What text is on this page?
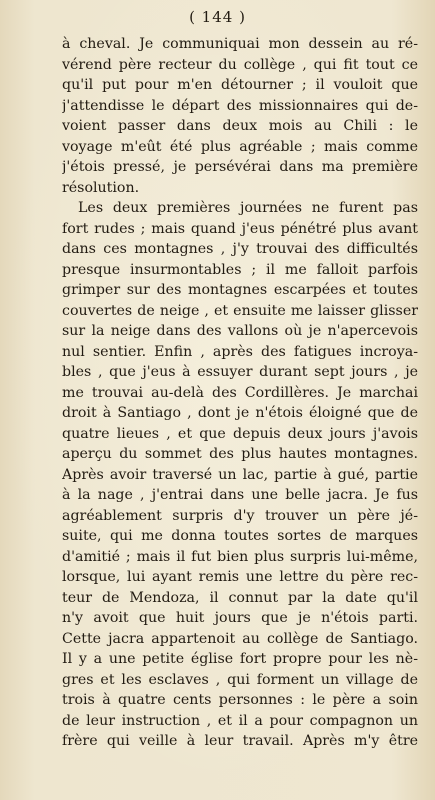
( 144 )
à cheval. Je communiquai mon dessein au ré-
vérend père recteur du collège , qui fit tout ce
qu'il put pour m'en détourner ; il vouloit que
j'attendisse le départ des missionnaires qui de-
voient passer dans deux mois au Chili : le
voyage m'eût été plus agréable ; mais comme
j'étois pressé, je persévérai dans ma première
résolution.
Les deux premières journées ne furent pas
fort rudes ; mais quand j'eus pénétré plus avant
dans ces montagnes , j'y trouvai des difficultés
presque insurmontables ; il me falloit parfois
grimper sur des montagnes escarpées et toutes
couvertes de neige , et ensuite me laisser glisser
sur la neige dans des vallons où je n'apercevois
nul sentier. Enfin , après des fatigues incroya-
bles , que j'eus à essuyer durant sept jours , je
me trouvai au-delà des Cordillères. Je marchai
droit à Santiago , dont je n'étois éloigné que de
quatre lieues , et que depuis deux jours j'avois
aperçu du sommet des plus hautes montagnes.
Après avoir traversé un lac, partie à gué, partie
à la nage , j'entrai dans une belle jacra. Je fus
agréablement surpris d'y trouver un père jé-
suite, qui me donna toutes sortes de marques
d'amitié ; mais il fut bien plus surpris lui-même,
lorsque, lui ayant remis une lettre du père rec-
teur de Mendoza, il connut par la date qu'il
n'y avoit que huit jours que je n'étois parti.
Cette jacra appartenoit au collège de Santiago.
Il y a une petite église fort propre pour les nè-
gres et les esclaves , qui forment un village de
trois à quatre cents personnes : le père a soin
de leur instruction , et il a pour compagnon un
frère qui veille à leur travail. Après m'y être
